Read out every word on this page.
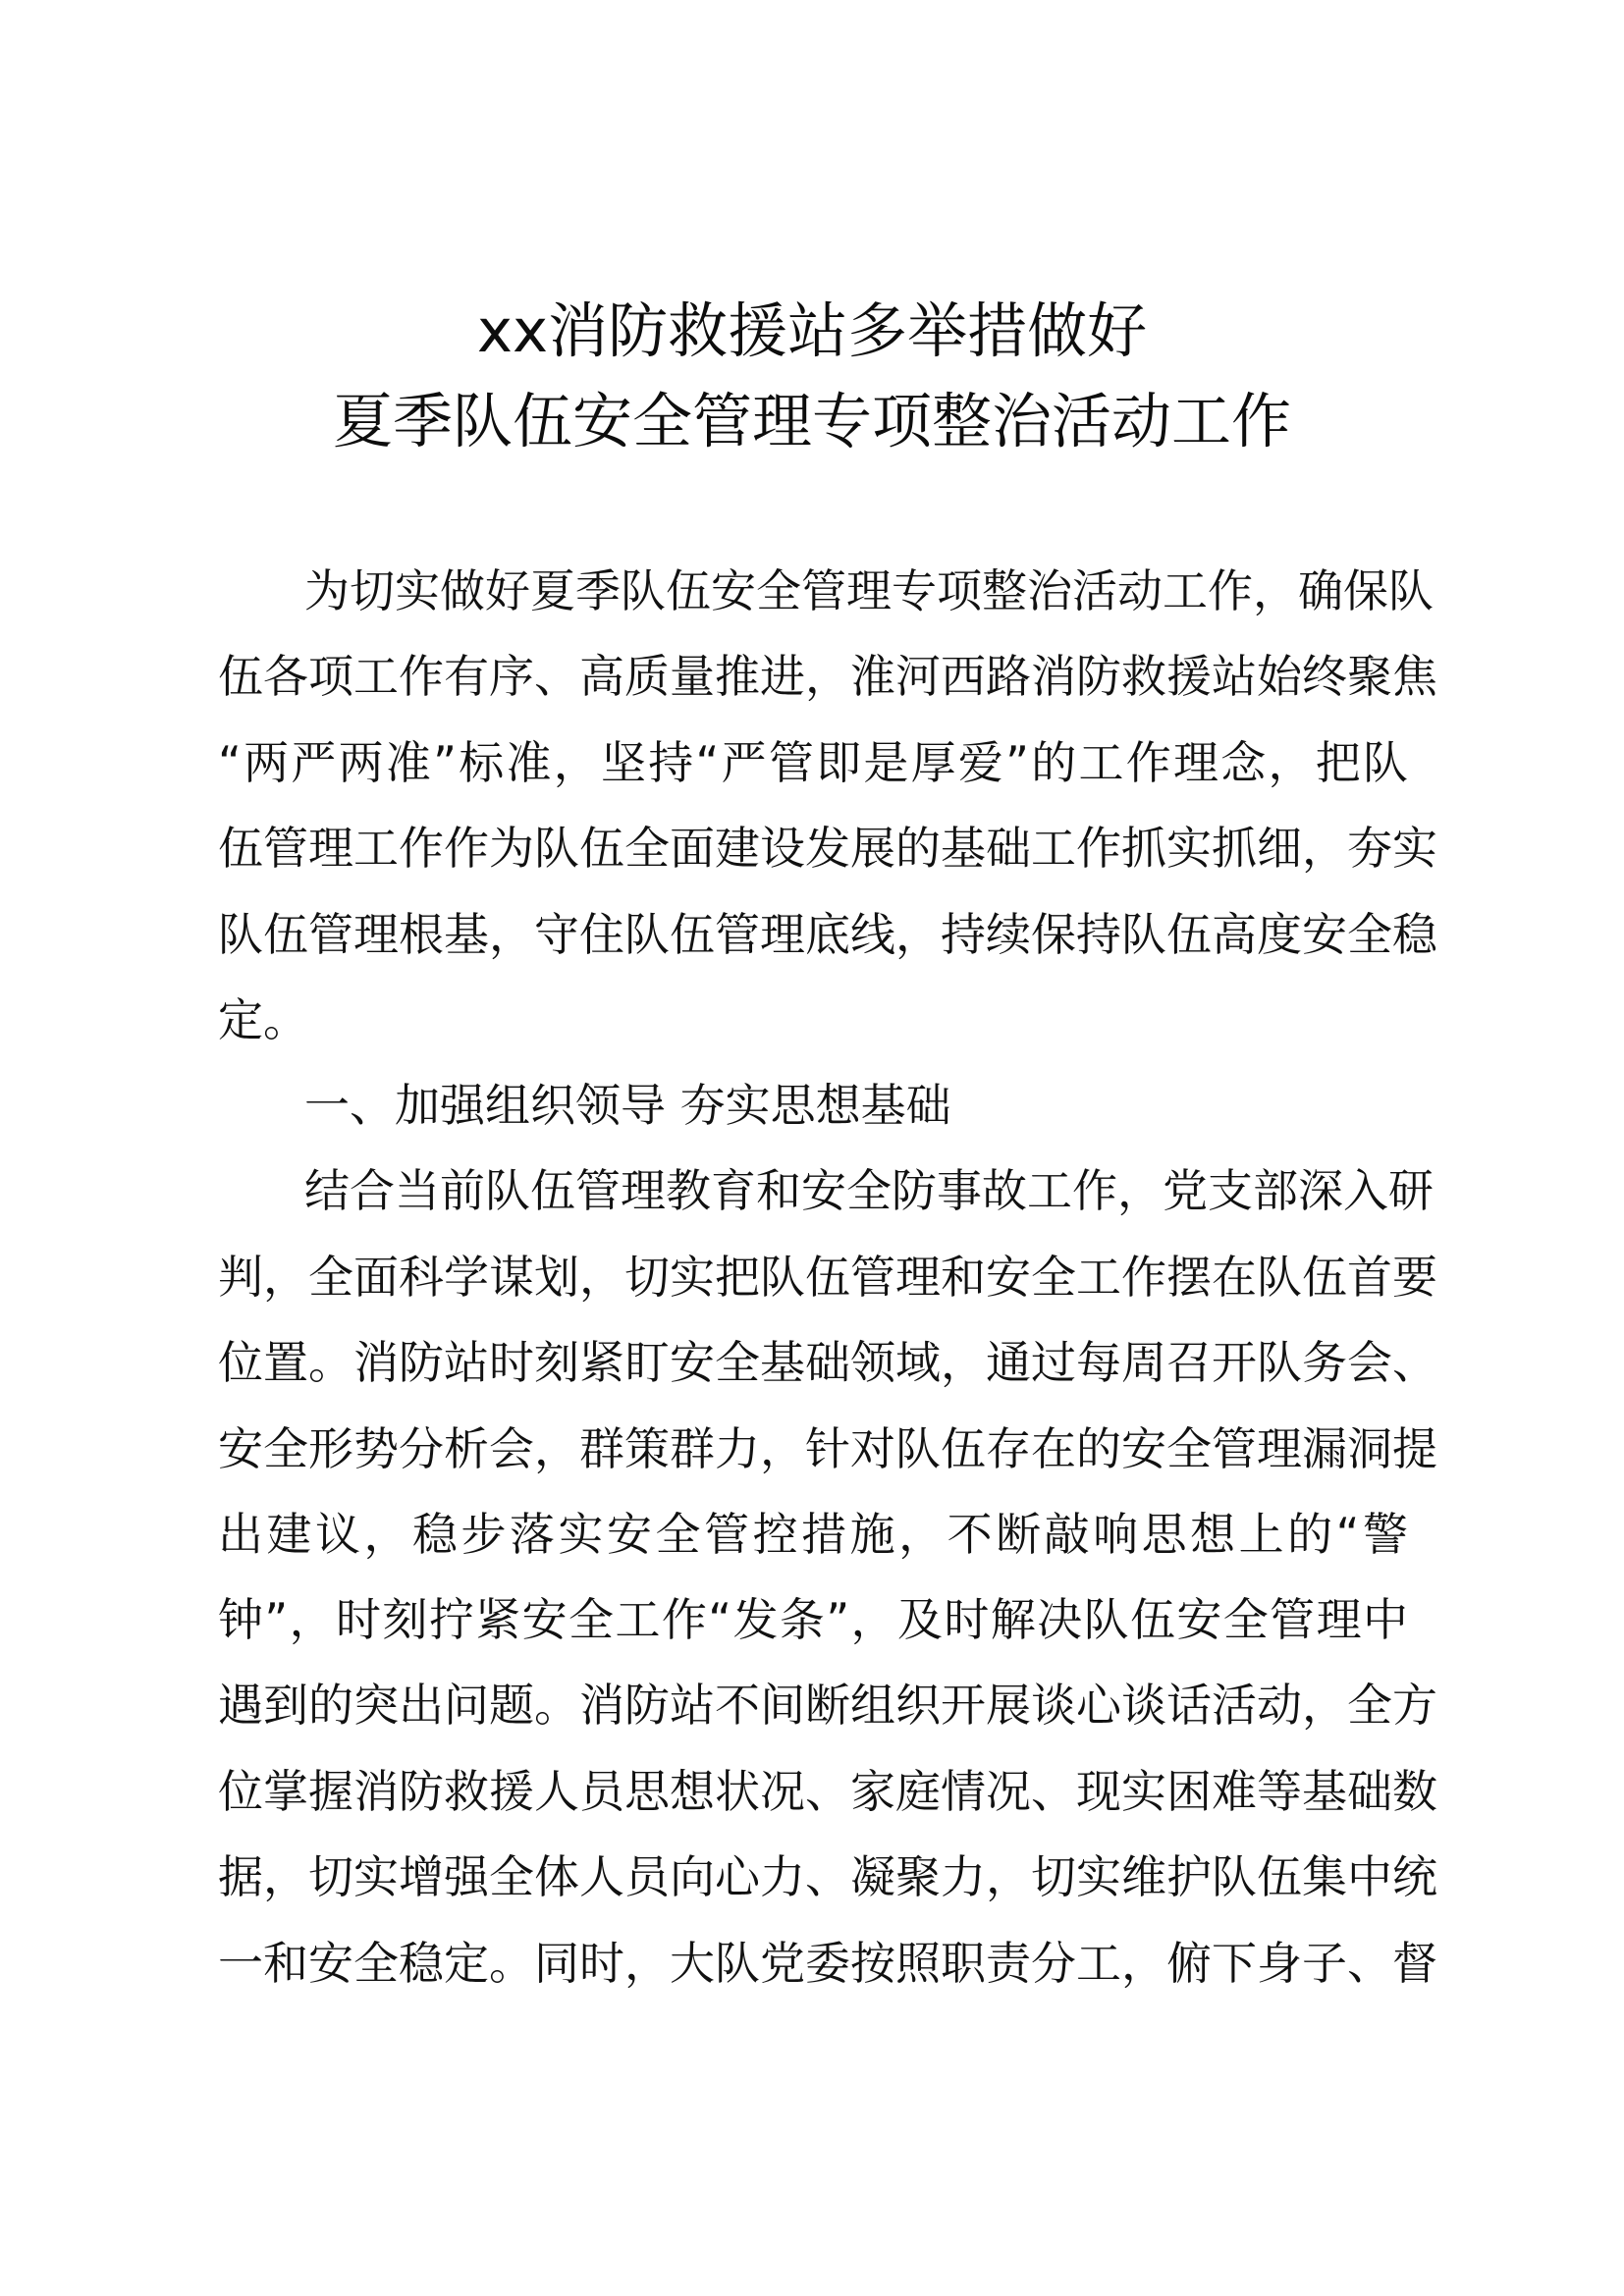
xx消防救援站多举措做好
夏季队伍安全管理专项整治活动工作
为切实做好夏季队伍安全管理专项整治活动工作，确保队
伍各项工作有序、高质量推进，淮河西路消防救援站始终聚焦
“两严两准”标准，坚持“严管即是厚爱”的工作理念，把队
伍管理工作作为队伍全面建设发展的基础工作抓实抓细，夯实
队伍管理根基，守住队伍管理底线，持续保持队伍高度安全稳
定。
一、加强组织领导 夯实思想基础
结合当前队伍管理教育和安全防事故工作，党支部深入研
判，全面科学谋划，切实把队伍管理和安全工作摆在队伍首要
位置。消防站时刻紧盯安全基础领域，通过每周召开队务会、
安全形势分析会，群策群力，针对队伍存在的安全管理漏洞提
出建议，稳步落实安全管控措施，不断敲响思想上的“警
钟”，时刻拧紧安全工作“发条”，及时解决队伍安全管理中
遇到的突出问题。消防站不间断组织开展谈心谈话活动，全方
位掌握消防救援人员思想状况、家庭情况、现实困难等基础数
据，切实增强全体人员向心力、凝聚力，切实维护队伍集中统
一和安全稳定。同时，大队党委按照职责分工，俯下身子、督
